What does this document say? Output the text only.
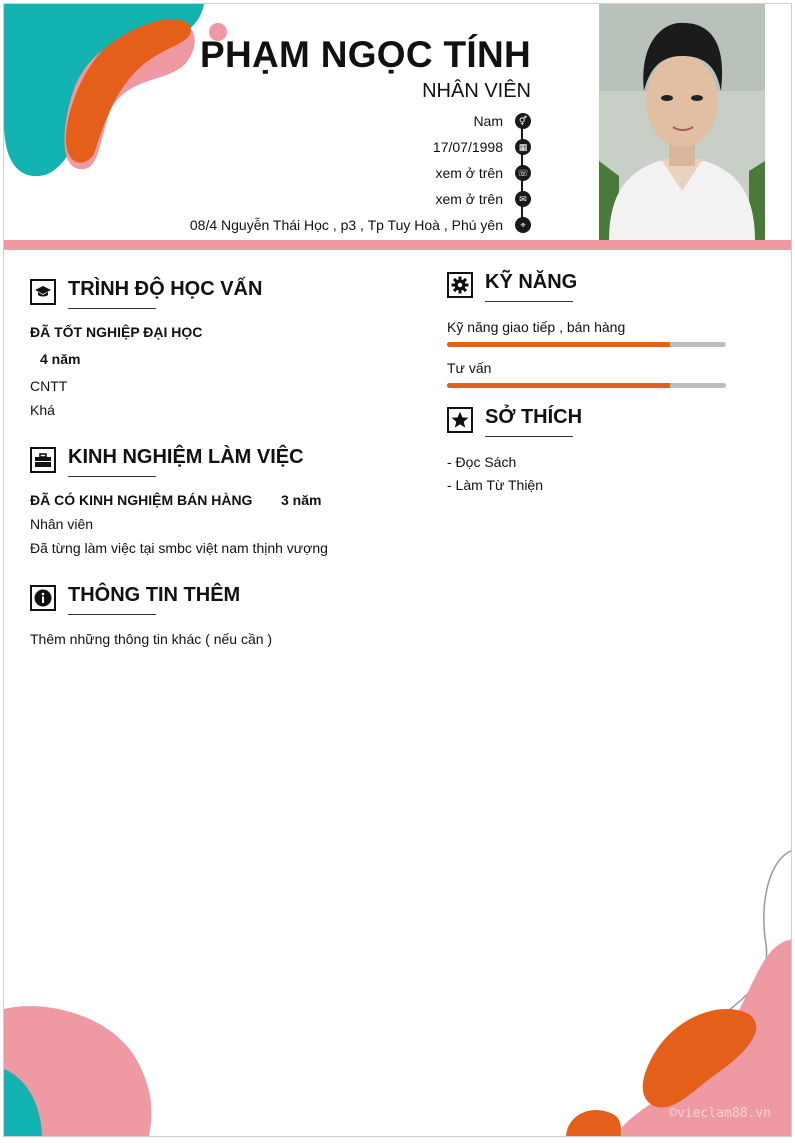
PHẠM NGỌC TÍNH
NHÂN VIÊN
Nam	⚥
17/07/1998	▦
xem ở trên ☏
xem ở trên	✉
08/4 Nguyễn Thái Học , p3 , Tp Tuy Hoà , Phú yên	⌖
TRÌNH ĐỘ HỌC VẤN
ĐÃ TỐT NGHIỆP ĐẠI HỌC
4 năm
CNTT
Khá
KINH NGHIỆM LÀM VIỆC
ĐÃ CÓ KINH NGHIỆM BÁN HÀNG 3 năm
Nhân viên
Đã từng làm việc tại smbc việt nam thịnh vượng
THÔNG TIN THÊM
Thêm những thông tin khác ( nếu cần )
KỸ NĂNG
Kỹ năng giao tiếp , bán hàng
Tư vấn
SỞ THÍCH
- Đọc Sách
- Làm Từ Thiện
©vieclam88.vn
